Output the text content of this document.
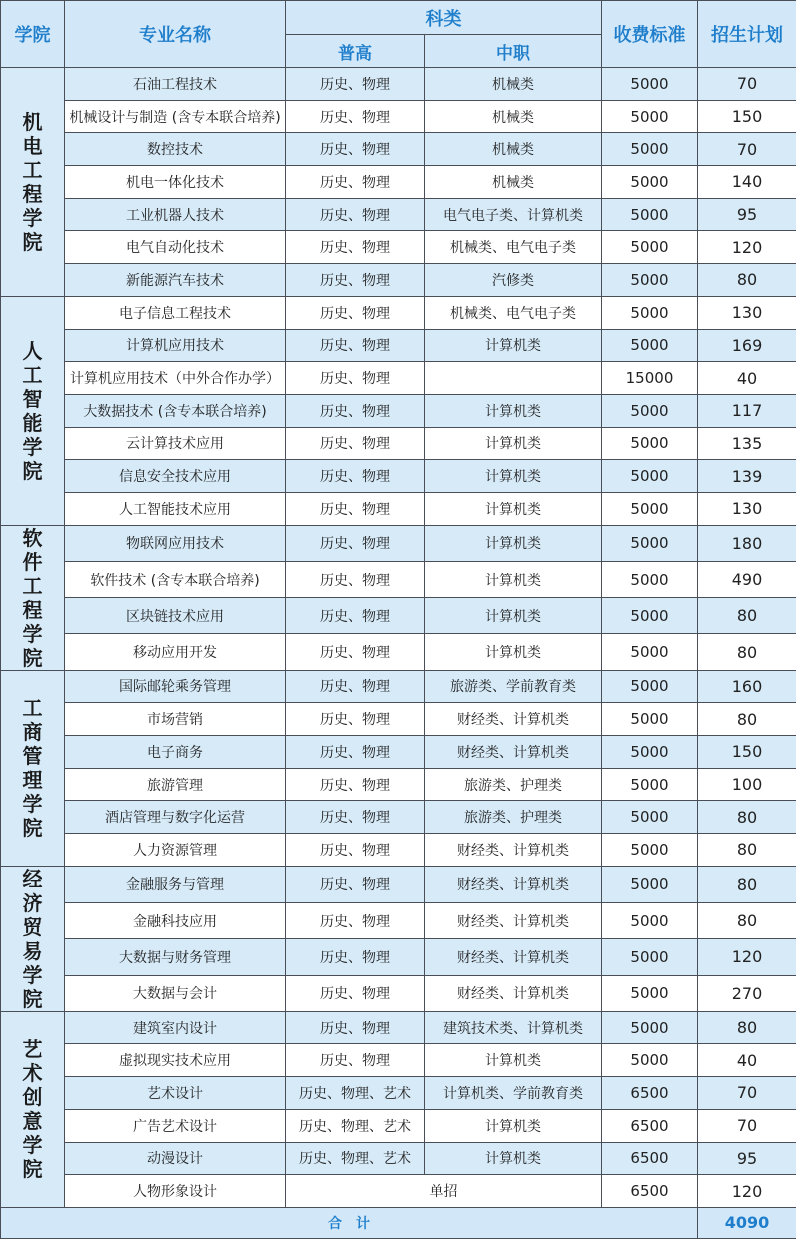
学院	专业名称	科类		收费标准	招生计划
		普高	中职		
机电工程学院	石油工程技术	历史、物理	机械类	5000	70
	机械设计与制造 (含专本联合培养)	历史、物理	机械类	5000	150
	数控技术	历史、物理	机械类	5000	70
	机电一体化技术	历史、物理	机械类	5000	140
	工业机器人技术	历史、物理	电气电子类、计算机类	5000	95
	电气自动化技术	历史、物理	机械类、电气电子类	5000	120
	新能源汽车技术	历史、物理	汽修类	5000	80
人工智能学院	电子信息工程技术	历史、物理	机械类、电气电子类	5000	130
	计算机应用技术	历史、物理	计算机类	5000	169
	计算机应用技术（中外合作办学）	历史、物理		15000	40
	大数据技术 (含专本联合培养)	历史、物理	计算机类	5000	117
	云计算技术应用	历史、物理	计算机类	5000	135
	信息安全技术应用	历史、物理	计算机类	5000	139
	人工智能技术应用	历史、物理	计算机类	5000	130
软件工程学院	物联网应用技术	历史、物理	计算机类	5000	180
	软件技术 (含专本联合培养)	历史、物理	计算机类	5000	490
	区块链技术应用	历史、物理	计算机类	5000	80
	移动应用开发	历史、物理	计算机类	5000	80
工商管理学院	国际邮轮乘务管理	历史、物理	旅游类、学前教育类	5000	160
	市场营销	历史、物理	财经类、计算机类	5000	80
	电子商务	历史、物理	财经类、计算机类	5000	150
	旅游管理	历史、物理	旅游类、护理类	5000	100
	酒店管理与数字化运营	历史、物理	旅游类、护理类	5000	80
	人力资源管理	历史、物理	财经类、计算机类	5000	80
经济贸易学院	金融服务与管理	历史、物理	财经类、计算机类	5000	80
	金融科技应用	历史、物理	财经类、计算机类	5000	80
	大数据与财务管理	历史、物理	财经类、计算机类	5000	120
	大数据与会计	历史、物理	财经类、计算机类	5000	270
艺术创意学院	建筑室内设计	历史、物理	建筑技术类、计算机类	5000	80
	虚拟现实技术应用	历史、物理	计算机类	5000	40
	艺术设计	历史、物理、艺术	计算机类、学前教育类	6500	70
	广告艺术设计	历史、物理、艺术	计算机类	6500	70
	动漫设计	历史、物理、艺术	计算机类	6500	95
	人物形象设计	单招		6500	120
合　计					4090
